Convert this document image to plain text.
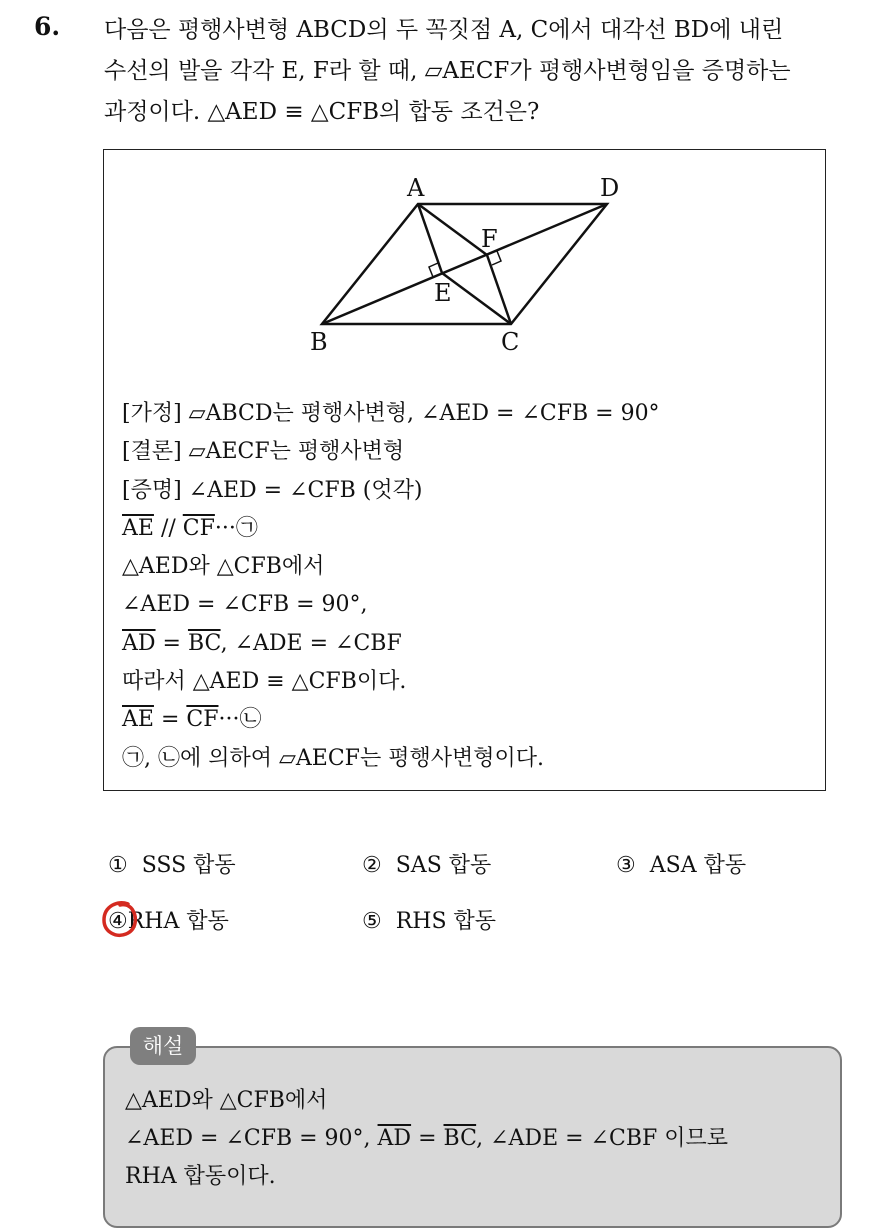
6. 다음은 평행사변형 ABCD의 두 꼭짓점 A, C에서 대각선 BD에 내린
수선의 발을 각각 E, F라 할 때, ▱AECF가 평행사변형임을 증명하는
과정이다. △AED ≡ △CFB의 합동 조건은?
A	D
B	C
E
F
[가정] ▱ABCD는 평행사변형, ∠AED = ∠CFB = 90°
[결론] ▱AECF는 평행사변형
[증명] ∠AED = ∠CFB (엇각)
$\overline{AE}$ // $\overline{CF}\cdot\cdot\cdot㉠$
△AED와 △CFB에서
∠AED = ∠CFB = 90°,
$\overline{AD} = \overline{BC}$, ∠ADE = ∠CBF
따라서 △AED ≡ △CFB이다.
$\overline{AE}$ = $\overline{CF}\cdot\cdot\cdot㉡$
㉠, ㉡에 의하여 ▱AECF는 평행사변형이다.
① SSS 합동	② SAS 합동	③ ASA 합동
④RHA 합동	⑤ RHS 합동
△AED와 △CFB에서
∠AED = ∠CFB = 90°, $\overline{AD} = \overline{BC}$, ∠ADE = ∠CBF 이므로
RHA 합동이다.
해설
